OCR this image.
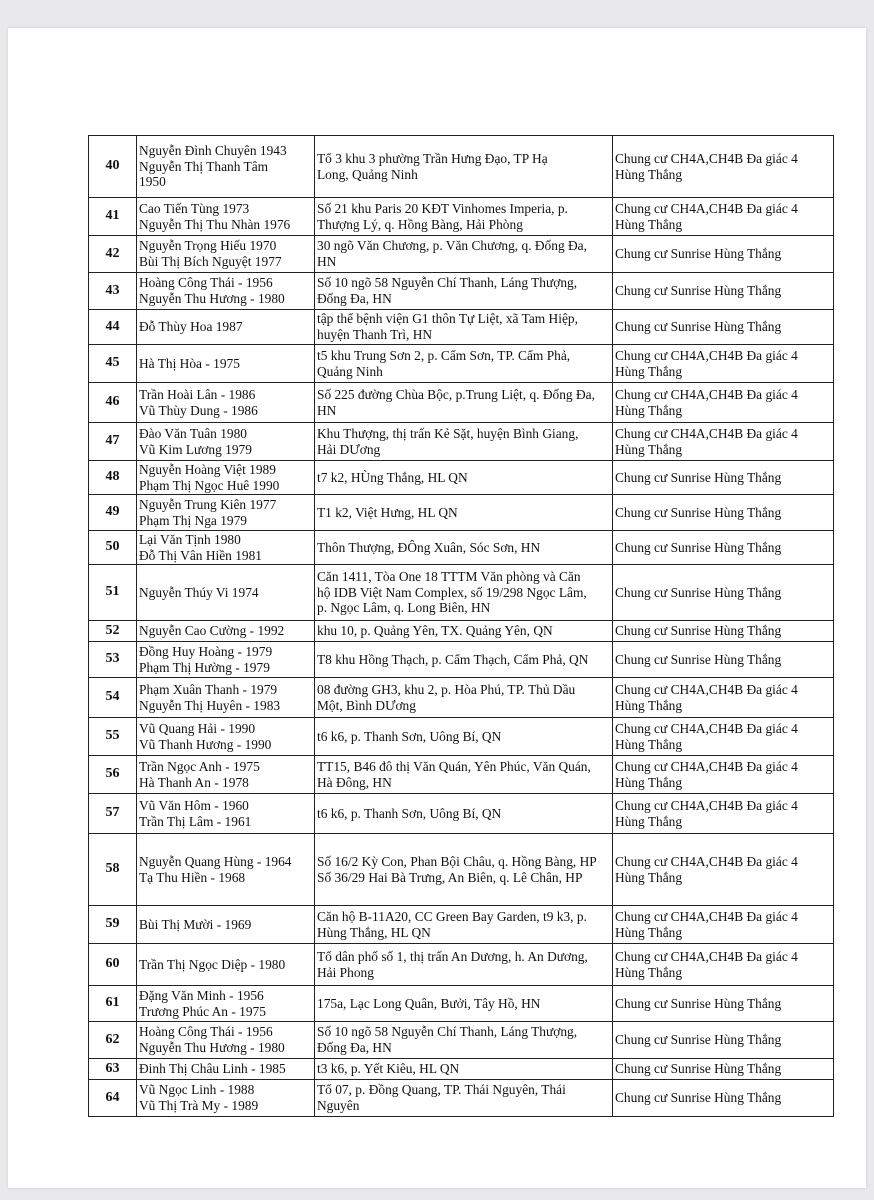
40	Nguyễn Đình Chuyên 1943
Nguyễn Thị Thanh Tâm
1950	Tổ 3 khu 3 phường Trần Hưng Đạo, TP Hạ
Long, Quảng Ninh	Chung cư CH4A,CH4B Đa giác 4
Hùng Thắng

41	Cao Tiến Tùng 1973
Nguyễn Thị Thu Nhàn 1976	Số 21 khu Paris 20 KĐT Vinhomes Imperia, p.
Thượng Lý, q. Hồng Bàng, Hải Phòng	Chung cư CH4A,CH4B Đa giác 4
Hùng Thắng

42	Nguyễn Trọng Hiếu 1970
Bùi Thị Bích Nguyệt 1977	30 ngõ Văn Chương, p. Văn Chương, q. Đống Đa,
HN	Chung cư Sunrise Hùng Thắng

43	Hoàng Công Thái - 1956
Nguyễn Thu Hương - 1980	Số 10 ngõ 58 Nguyễn Chí Thanh, Láng Thượng,
Đống Đa, HN	Chung cư Sunrise Hùng Thắng

44	Đỗ Thùy Hoa 1987	tập thể bệnh viện G1 thôn Tự Liệt, xã Tam Hiệp,
huyện Thanh Trì, HN	Chung cư Sunrise Hùng Thắng

45	Hà Thị Hòa - 1975	t5 khu Trung Sơn 2, p. Cẩm Sơn, TP. Cẩm Phả,
Quảng Ninh	Chung cư CH4A,CH4B Đa giác 4
Hùng Thắng

46	Trần Hoài Lân - 1986
Vũ Thùy Dung - 1986	Số 225 đường Chùa Bộc, p.Trung Liệt, q. Đống Đa,
HN	Chung cư CH4A,CH4B Đa giác 4
Hùng Thắng

47	Đào Văn Tuân 1980
Vũ Kim Lương 1979	Khu Thượng, thị trấn Kẻ Sặt, huyện Bình Giang,
Hải DƯơng	Chung cư CH4A,CH4B Đa giác 4
Hùng Thắng

48	Nguyễn Hoàng Việt 1989
Phạm Thị Ngọc Huê 1990	t7 k2, HÙng Thắng, HL QN	Chung cư Sunrise Hùng Thắng

49	Nguyễn Trung Kiên 1977
Phạm Thị Nga 1979	T1 k2, Việt Hưng, HL QN	Chung cư Sunrise Hùng Thắng

50	Lại Văn Tịnh 1980
Đỗ Thị Vân Hiền 1981	Thôn Thượng, ĐÔng Xuân, Sóc Sơn, HN	Chung cư Sunrise Hùng Thắng

51	Nguyễn Thúy Vi 1974	Căn 1411, Tòa One 18 TTTM Văn phòng và Căn
hộ IDB Việt Nam Complex, số 19/298 Ngọc Lâm,
p. Ngọc Lâm, q. Long Biên, HN	Chung cư Sunrise Hùng Thắng

52	Nguyễn Cao Cường - 1992	khu 10, p. Quảng Yên, TX. Quảng Yên, QN	Chung cư Sunrise Hùng Thắng

53	Đồng Huy Hoàng - 1979
Phạm Thị Hường - 1979	T8 khu Hồng Thạch, p. Cẩm Thạch, Cẩm Phả, QN	Chung cư Sunrise Hùng Thắng

54	Phạm Xuân Thanh - 1979
Nguyễn Thị Huyên - 1983	08 đường GH3, khu 2, p. Hòa Phú, TP. Thủ Dầu
Một, Bình DƯơng	Chung cư CH4A,CH4B Đa giác 4
Hùng Thắng

55	Vũ Quang Hải - 1990
Vũ Thanh Hương - 1990	t6 k6, p. Thanh Sơn, Uông Bí, QN	Chung cư CH4A,CH4B Đa giác 4
Hùng Thắng

56	Trần Ngọc Anh - 1975
Hà Thanh An - 1978	TT15, B46 đô thị Văn Quán, Yên Phúc, Văn Quán,
Hà Đông, HN	Chung cư CH4A,CH4B Đa giác 4
Hùng Thắng

57	Vũ Văn Hôm - 1960
Trần Thị Lâm - 1961	t6 k6, p. Thanh Sơn, Uông Bí, QN	Chung cư CH4A,CH4B Đa giác 4
Hùng Thắng

58	Nguyễn Quang Hùng - 1964
Tạ Thu Hiền - 1968	Số 16/2 Kỳ Con, Phan Bội Châu, q. Hồng Bàng, HP
Số 36/29 Hai Bà Trưng, An Biên, q. Lê Chân, HP	Chung cư CH4A,CH4B Đa giác 4
Hùng Thắng

59	Bùi Thị Mười - 1969	Căn hộ B-11A20, CC Green Bay Garden, t9 k3, p.
Hùng Thắng, HL QN	Chung cư CH4A,CH4B Đa giác 4
Hùng Thắng

60	Trần Thị Ngọc Diệp - 1980	Tổ dân phố số 1, thị trấn An Dương, h. An Dương,
Hải Phong	Chung cư CH4A,CH4B Đa giác 4
Hùng Thắng

61	Đặng Văn Minh - 1956
Trương Phúc An - 1975	175a, Lạc Long Quân, Bưởi, Tây Hồ, HN	Chung cư Sunrise Hùng Thắng

62	Hoàng Công Thái - 1956
Nguyễn Thu Hương - 1980	Số 10 ngõ 58 Nguyễn Chí Thanh, Láng Thượng,
Đống Đa, HN	Chung cư Sunrise Hùng Thắng

63	Đinh Thị Châu Linh - 1985	t3 k6, p. Yết Kiêu, HL QN	Chung cư Sunrise Hùng Thắng

64	Vũ Ngọc Linh - 1988
Vũ Thị Trà My - 1989	Tổ 07, p. Đồng Quang, TP. Thái Nguyên, Thái
Nguyên	Chung cư Sunrise Hùng Thắng
